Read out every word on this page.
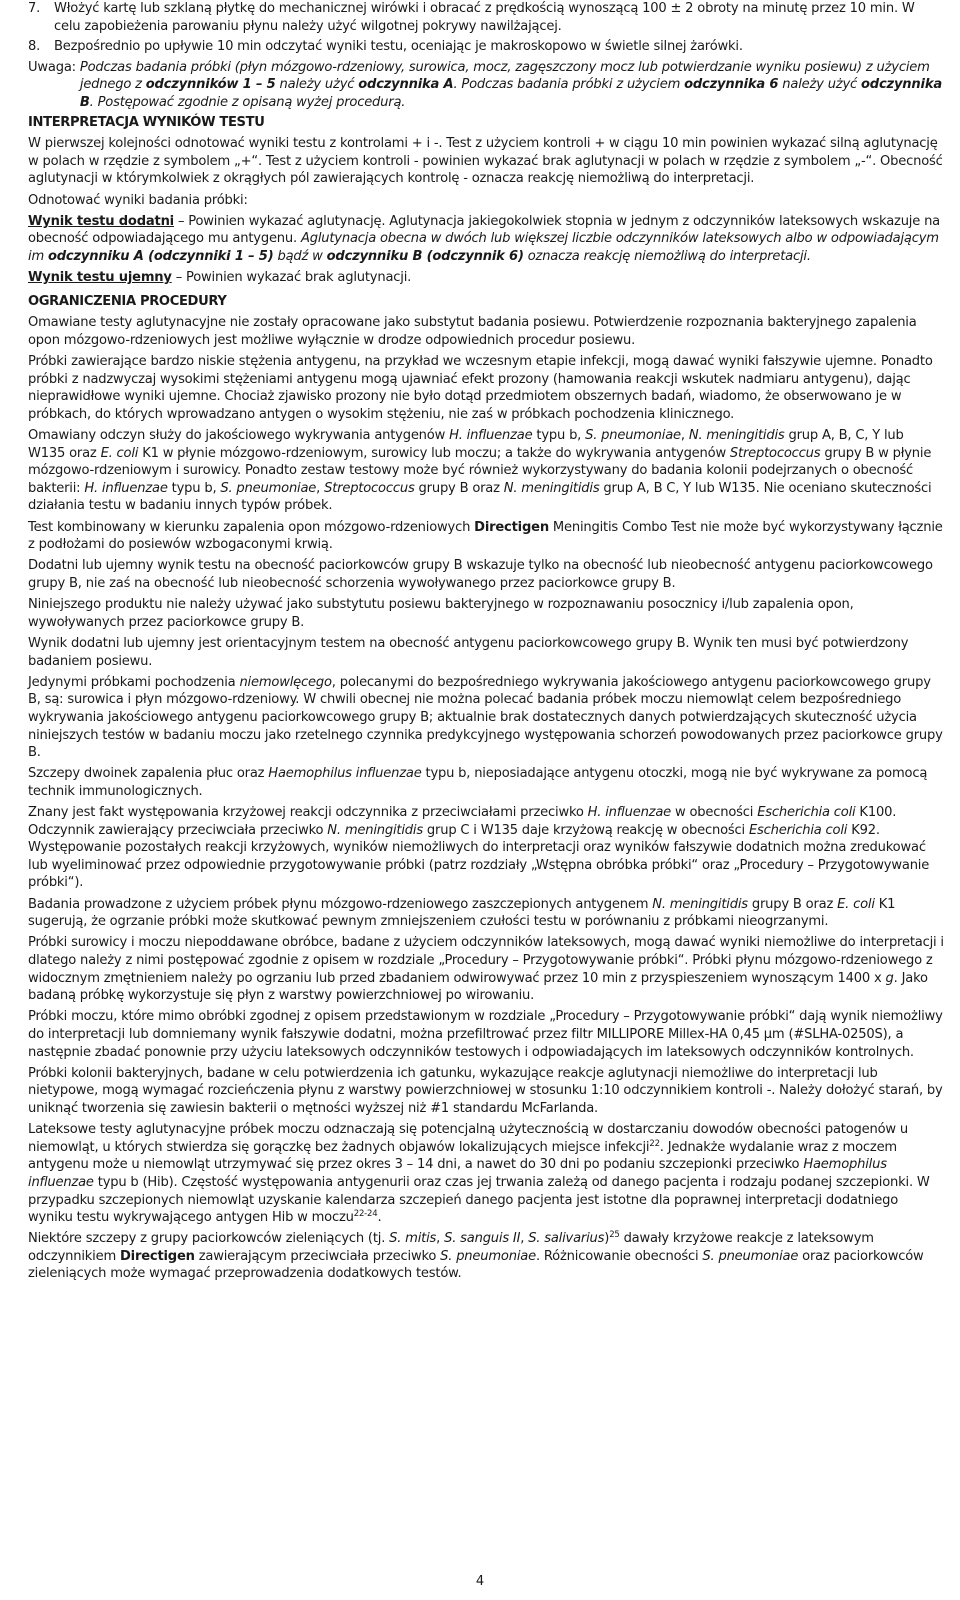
7.	Włożyć kartę lub szklaną płytkę do mechanicznej wirówki i obracać z prędkością wynoszącą 100 ± 2 obroty na minutę przez 10 min. W celu zapobieżenia parowaniu płynu należy użyć wilgotnej pokrywy nawilżającej.
8.	Bezpośrednio po upływie 10 min odczytać wyniki testu, oceniając je makroskopowo w świetle silnej żarówki.
Uwaga: Podczas badania próbki (płyn mózgowo-rdzeniowy, surowica, mocz, zagęszczony mocz lub potwierdzanie wyniku posiewu) z użyciem jednego z odczynników 1 – 5 należy użyć odczynnika A. Podczas badania próbki z użyciem odczynnika 6 należy użyć odczynnika B. Postępować zgodnie z opisaną wyżej procedurą.
INTERPRETACJA WYNIKÓW TESTU

W pierwszej kolejności odnotować wyniki testu z kontrolami + i -. Test z użyciem kontroli + w ciągu 10 min powinien wykazać silną aglutynację w polach w rzędzie z symbolem „+“. Test z użyciem kontroli - powinien wykazać brak aglutynacji w polach w rzędzie z symbolem „-“. Obecność aglutynacji w którymkolwiek z okrągłych pól zawierających kontrolę - oznacza reakcję niemożliwą do interpretacji.

Odnotować wyniki badania próbki:

Wynik testu dodatni – Powinien wykazać aglutynację. Aglutynacja jakiegokolwiek stopnia w jednym z odczynników lateksowych wskazuje na obecność odpowiadającego mu antygenu. Aglutynacja obecna w dwóch lub większej liczbie odczynników lateksowych albo w odpowiadającym im odczynniku A (odczynniki 1 – 5) bądź w odczynniku B (odczynnik 6) oznacza reakcję niemożliwą do interpretacji.

Wynik testu ujemny – Powinien wykazać brak aglutynacji.

OGRANICZENIA PROCEDURY

Omawiane testy aglutynacyjne nie zostały opracowane jako substytut badania posiewu. Potwierdzenie rozpoznania bakteryjnego zapalenia opon mózgowo-rdzeniowych jest możliwe wyłącznie w drodze odpowiednich procedur posiewu.

Próbki zawierające bardzo niskie stężenia antygenu, na przykład we wczesnym etapie infekcji, mogą dawać wyniki fałszywie ujemne. Ponadto próbki z nadzwyczaj wysokimi stężeniami antygenu mogą ujawniać efekt prozony (hamowania reakcji wskutek nadmiaru antygenu), dając nieprawidłowe wyniki ujemne. Chociaż zjawisko prozony nie było dotąd przedmiotem obszernych badań, wiadomo, że obserwowano je w próbkach, do których wprowadzano antygen o wysokim stężeniu, nie zaś w próbkach pochodzenia klinicznego.

Omawiany odczyn służy do jakościowego wykrywania antygenów H. influenzae typu b, S. pneumoniae, N. meningitidis grup A, B, C, Y lub W135 oraz E. coli K1 w płynie mózgowo-rdzeniowym, surowicy lub moczu; a także do wykrywania antygenów Streptococcus grupy B w płynie mózgowo-rdzeniowym i surowicy. Ponadto zestaw testowy może być również wykorzystywany do badania kolonii podejrzanych o obecność bakterii: H. influenzae typu b, S. pneumoniae, Streptococcus grupy B oraz N. meningitidis grup A, B C, Y lub W135. Nie oceniano skuteczności działania testu w badaniu innych typów próbek.

Test kombinowany w kierunku zapalenia opon mózgowo-rdzeniowych Directigen Meningitis Combo Test nie może być wykorzystywany łącznie z podłożami do posiewów wzbogaconymi krwią.

Dodatni lub ujemny wynik testu na obecność paciorkowców grupy B wskazuje tylko na obecność lub nieobecność antygenu paciorkowcowego grupy B, nie zaś na obecność lub nieobecność schorzenia wywoływanego przez paciorkowce grupy B.

Niniejszego produktu nie należy używać jako substytutu posiewu bakteryjnego w rozpoznawaniu posocznicy i/lub zapalenia opon, wywoływanych przez paciorkowce grupy B.

Wynik dodatni lub ujemny jest orientacyjnym testem na obecność antygenu paciorkowcowego grupy B. Wynik ten musi być potwierdzony badaniem posiewu.

Jedynymi próbkami pochodzenia niemowlęcego, polecanymi do bezpośredniego wykrywania jakościowego antygenu paciorkowcowego grupy B, są: surowica i płyn mózgowo-rdzeniowy. W chwili obecnej nie można polecać badania próbek moczu niemowląt celem bezpośredniego wykrywania jakościowego antygenu paciorkowcowego grupy B; aktualnie brak dostatecznych danych potwierdzających skuteczność użycia niniejszych testów w badaniu moczu jako rzetelnego czynnika predykcyjnego występowania schorzeń powodowanych przez paciorkowce grupy B.

Szczepy dwoinek zapalenia płuc oraz Haemophilus influenzae typu b, nieposiadające antygenu otoczki, mogą nie być wykrywane za pomocą technik immunologicznych.

Znany jest fakt występowania krzyżowej reakcji odczynnika z przeciwciałami przeciwko H. influenzae w obecności Escherichia coli K100. Odczynnik zawierający przeciwciała przeciwko N. meningitidis grup C i W135 daje krzyżową reakcję w obecności Escherichia coli K92. Występowanie pozostałych reakcji krzyżowych, wyników niemożliwych do interpretacji oraz wyników fałszywie dodatnich można zredukować lub wyeliminować przez odpowiednie przygotowywanie próbki (patrz rozdziały „Wstępna obróbka próbki“ oraz „Procedury – Przygotowywanie próbki“).

Badania prowadzone z użyciem próbek płynu mózgowo-rdzeniowego zaszczepionych antygenem N. meningitidis grupy B oraz E. coli K1 sugerują, że ogrzanie próbki może skutkować pewnym zmniejszeniem czułości testu w porównaniu z próbkami nieogrzanymi.

Próbki surowicy i moczu niepoddawane obróbce, badane z użyciem odczynników lateksowych, mogą dawać wyniki niemożliwe do interpretacji i dlatego należy z nimi postępować zgodnie z opisem w rozdziale „Procedury – Przygotowywanie próbki“. Próbki płynu mózgowo-rdzeniowego z widocznym zmętnieniem należy po ogrzaniu lub przed zbadaniem odwirowywać przez 10 min z przyspieszeniem wynoszącym 1400 x g. Jako badaną próbkę wykorzystuje się płyn z warstwy powierzchniowej po wirowaniu.

Próbki moczu, które mimo obróbki zgodnej z opisem przedstawionym w rozdziale „Procedury – Przygotowywanie próbki“ dają wynik niemożliwy do interpretacji lub domniemany wynik fałszywie dodatni, można przefiltrować przez filtr MILLIPORE Millex-HA 0,45 µm (#SLHA-0250S), a następnie zbadać ponownie przy użyciu lateksowych odczynników testowych i odpowiadających im lateksowych odczynników kontrolnych.

Próbki kolonii bakteryjnych, badane w celu potwierdzenia ich gatunku, wykazujące reakcje aglutynacji niemożliwe do interpretacji lub nietypowe, mogą wymagać rozcieńczenia płynu z warstwy powierzchniowej w stosunku 1:10 odczynnikiem kontroli -. Należy dołożyć starań, by uniknąć tworzenia się zawiesin bakterii o mętności wyższej niż #1 standardu McFarlanda.

Lateksowe testy aglutynacyjne próbek moczu odznaczają się potencjalną użytecznością w dostarczaniu dowodów obecności patogenów u niemowląt, u których stwierdza się gorączkę bez żadnych objawów lokalizujących miejsce infekcji$^{22}$. Jednakże wydalanie wraz z moczem antygenu może u niemowląt utrzymywać się przez okres 3 – 14 dni, a nawet do 30 dni po podaniu szczepionki przeciwko Haemophilus influenzae typu b (Hib). Częstość występowania antygenurii oraz czas jej trwania zależą od danego pacjenta i rodzaju podanej szczepionki. W przypadku szczepionych niemowląt uzyskanie kalendarza szczepień danego pacjenta jest istotne dla poprawnej interpretacji dodatniego wyniku testu wykrywającego antygen Hib w moczu$^{22-24}$.

Niektóre szczepy z grupy paciorkowców zieleniących (tj. S. mitis, S. sanguis II, S. salivarius)$^{25}$ dawały krzyżowe reakcje z lateksowym odczynnikiem Directigen zawierającym przeciwciała przeciwko S. pneumoniae. Różnicowanie obecności S. pneumoniae oraz paciorkowców zieleniących może wymagać przeprowadzenia dodatkowych testów.

4
